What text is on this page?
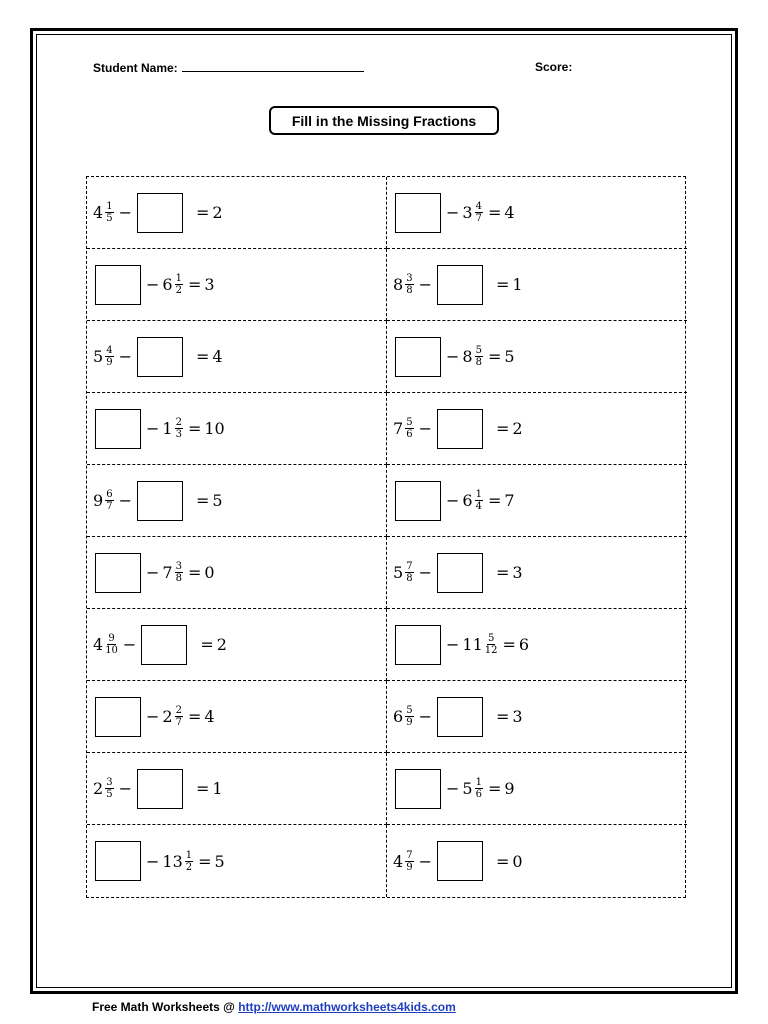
Student Name:	Score:
Fill in the Missing Fractions
$4 \frac{1}{5}$ −	= 2	− $3 \frac{4}{7} = 4$
− $6 \frac{1}{2} = 3$	$8 \frac{3}{8}$ −	= 1
$5 \frac{4}{9}$ −	= 4	− $8 \frac{5}{8} = 5$
− $1 \frac{2}{3} = 10$	$7 \frac{5}{6}$ −	= 2
$9 \frac{6}{7}$ −	= 5	− $6 \frac{1}{4} = 7$
− $7 \frac{3}{8} = 0$	$5 \frac{7}{8}$ −	= 3
$4 \frac{9}{10}$ −	= 2	− $11 \frac{5}{12} = 6$
− $2 \frac{2}{7} = 4$	$6 \frac{5}{9}$ −	= 3
$2 \frac{3}{5}$ −	= 1	− $5 \frac{1}{6} = 9$
− $13 \frac{1}{2} = 5$	$4 \frac{7}{9}$ −	= 0
Free Math Worksheets @ http://www.mathworksheets4kids.com
